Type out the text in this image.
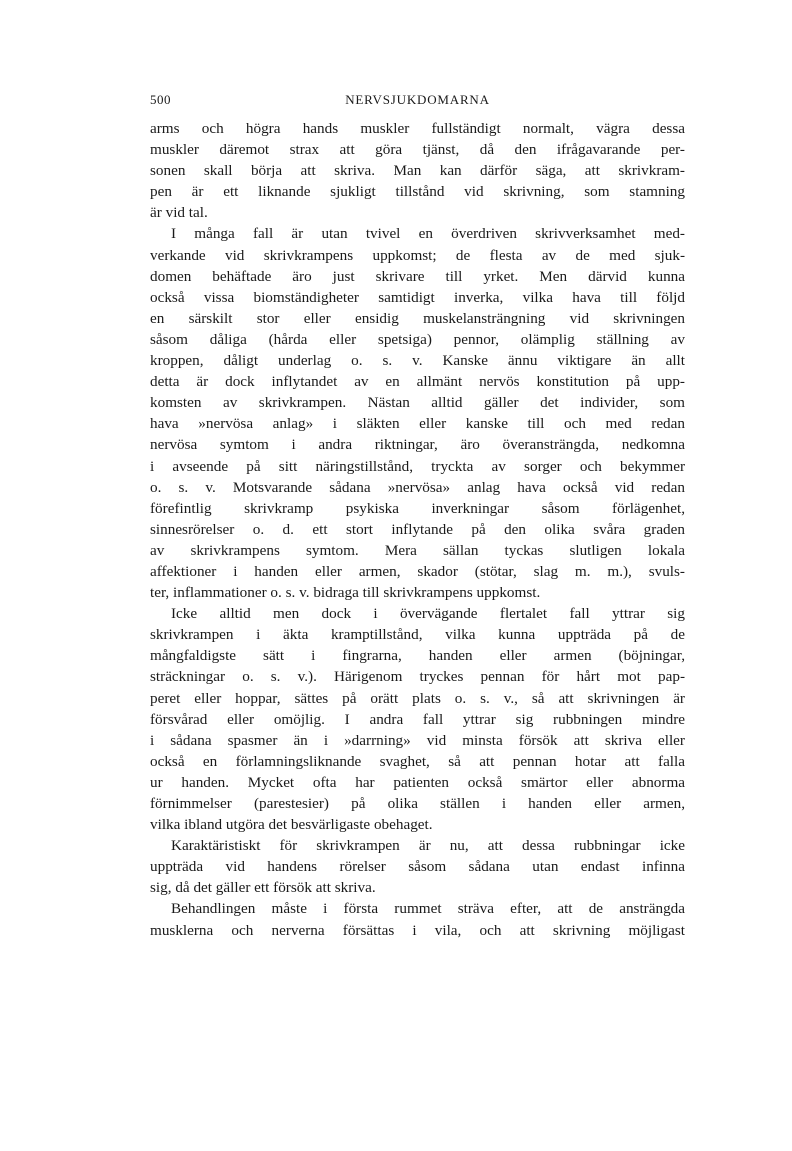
500	NERVSJUKDOMARNA
arms och högra hands muskler fullständigt normalt, vägra dessa
muskler däremot strax att göra tjänst, då den ifrågavarande per-
sonen skall börja att skriva. Man kan därför säga, att skrivkram-
pen är ett liknande sjukligt tillstånd vid skrivning, som stamning
är vid tal.
I många fall är utan tvivel en överdriven skrivverksamhet med-
verkande vid skrivkrampens uppkomst; de flesta av de med sjuk-
domen behäftade äro just skrivare till yrket. Men därvid kunna
också vissa biomständigheter samtidigt inverka, vilka hava till följd
en särskilt stor eller ensidig muskelansträngning vid skrivningen
såsom dåliga (hårda eller spetsiga) pennor, olämplig ställning av
kroppen, dåligt underlag o. s. v. Kanske ännu viktigare än allt
detta är dock inflytandet av en allmänt nervös konstitution på upp-
komsten av skrivkrampen. Nästan alltid gäller det individer, som
hava »nervösa anlag» i släkten eller kanske till och med redan
nervösa symtom i andra riktningar, äro överansträngda, nedkomna
i avseende på sitt näringstillstånd, tryckta av sorger och bekymmer
o. s. v. Motsvarande sådana »nervösa» anlag hava också vid redan
förefintlig skrivkramp psykiska inverkningar såsom förlägenhet,
sinnesrörelser o. d. ett stort inflytande på den olika svåra graden
av skrivkrampens symtom. Mera sällan tyckas slutligen lokala
affektioner i handen eller armen, skador (stötar, slag m. m.), svuls-
ter, inflammationer o. s. v. bidraga till skrivkrampens uppkomst.
Icke alltid men dock i övervägande flertalet fall yttrar sig
skrivkrampen i äkta kramptillstånd, vilka kunna uppträda på de
mångfaldigste sätt i fingrarna, handen eller armen (böjningar,
sträckningar o. s. v.). Härigenom tryckes pennan för hårt mot pap-
peret eller hoppar, sättes på orätt plats o. s. v., så att skrivningen är
försvårad eller omöjlig. I andra fall yttrar sig rubbningen mindre
i sådana spasmer än i »darrning» vid minsta försök att skriva eller
också en förlamningsliknande svaghet, så att pennan hotar att falla
ur handen. Mycket ofta har patienten också smärtor eller abnorma
förnimmelser (parestesier) på olika ställen i handen eller armen,
vilka ibland utgöra det besvärligaste obehaget.
Karaktäristiskt för skrivkrampen är nu, att dessa rubbningar icke
uppträda vid handens rörelser såsom sådana utan endast infinna
sig, då det gäller ett försök att skriva.
Behandlingen måste i första rummet sträva efter, att de ansträngda
musklerna och nerverna försättas i vila, och att skrivning möjligast
